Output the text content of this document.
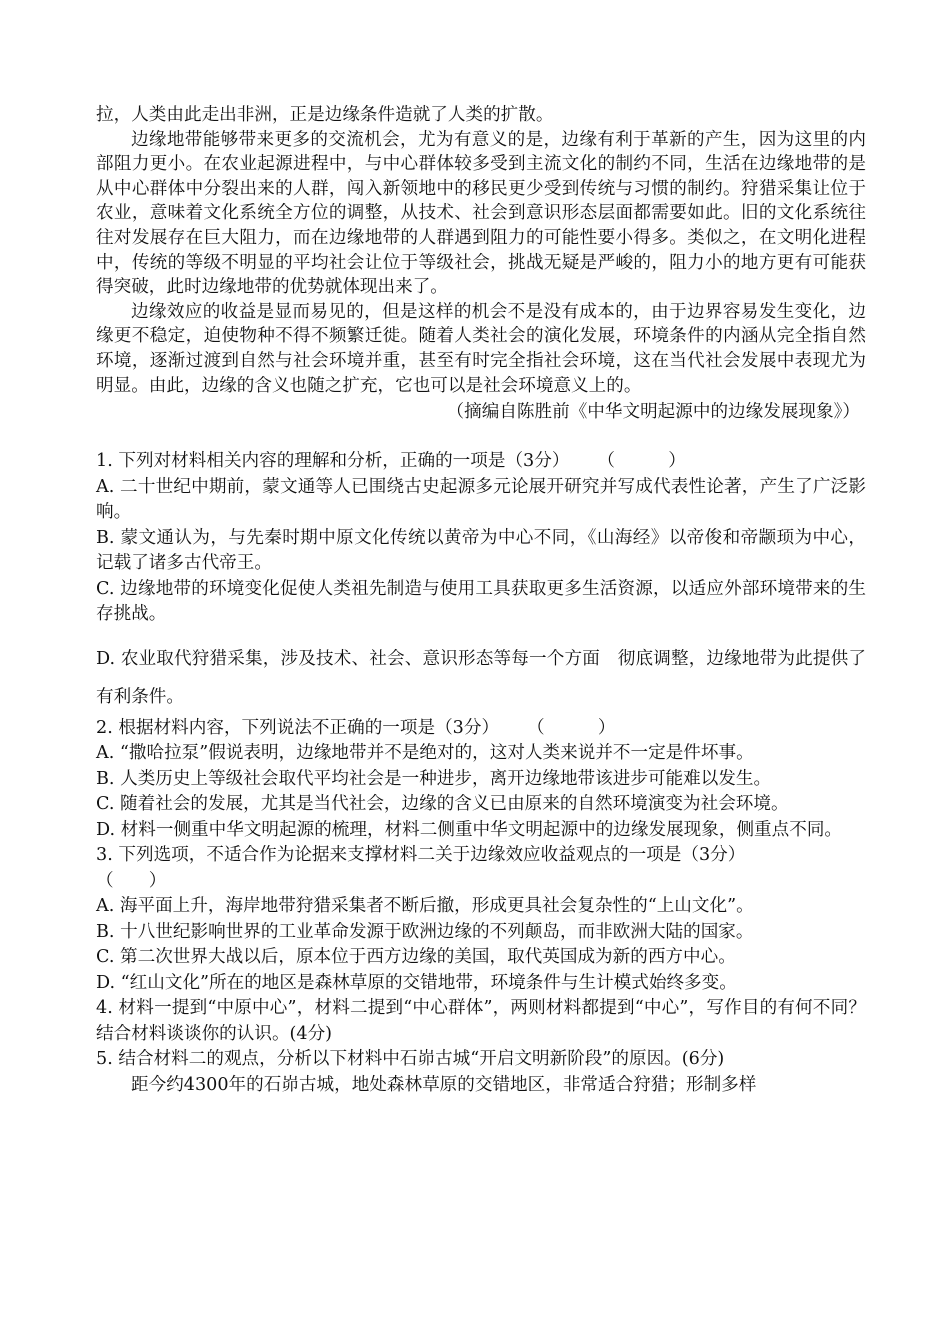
拉，人类由此走出非洲，正是边缘条件造就了人类的扩散。

边缘地带能够带来更多的交流机会，尤为有意义的是，边缘有利于革新的产生，因为这里的内部阻力更小。在农业起源进程中，与中心群体较多受到主流文化的制约不同，生活在边缘地带的是从中心群体中分裂出来的人群，闯入新领地中的移民更少受到传统与习惯的制约。狩猎采集让位于农业，意味着文化系统全方位的调整，从技术、社会到意识形态层面都需要如此。旧的文化系统往往对发展存在巨大阻力，而在边缘地带的人群遇到阻力的可能性要小得多。类似之，在文明化进程中，传统的等级不明显的平均社会让位于等级社会，挑战无疑是严峻的，阻力小的地方更有可能获得突破，此时边缘地带的优势就体现出来了。

边缘效应的收益是显而易见的，但是这样的机会不是没有成本的，由于边界容易发生变化，边缘更不稳定，迫使物种不得不频繁迁徙。随着人类社会的演化发展，环境条件的内涵从完全指自然环境，逐渐过渡到自然与社会环境并重，甚至有时完全指社会环境，这在当代社会发展中表现尤为明显。由此，边缘的含义也随之扩充，它也可以是社会环境意义上的。

（摘编自陈胜前《中华文明起源中的边缘发展现象》）

1. 下列对材料相关内容的理解和分析，正确的一项是（3分） （　　）

A. 二十世纪中期前，蒙文通等人已围绕古史起源多元论展开研究并写成代表性论著，产生了广泛影响。

B. 蒙文通认为，与先秦时期中原文化传统以黄帝为中心不同，《山海经》以帝俊和帝颛顼为中心，记载了诸多古代帝王。

C. 边缘地带的环境变化促使人类祖先制造与使用工具获取更多生活资源，以适应外部环境带来的生存挑战。

D. 农业取代狩猎采集，涉及技术、社会、意识形态等每一个方面　彻底调整，边缘地带为此提供了有利条件。

2. 根据材料内容，下列说法不正确的一项是（3分） （　　）

A. “撒哈拉泵”假说表明，边缘地带并不是绝对的，这对人类来说并不一定是件坏事。

B. 人类历史上等级社会取代平均社会是一种进步，离开边缘地带该进步可能难以发生。

C. 随着社会的发展，尤其是当代社会，边缘的含义已由原来的自然环境演变为社会环境。

D. 材料一侧重中华文明起源的梳理，材料二侧重中华文明起源中的边缘发展现象，侧重点不同。

3. 下列选项，不适合作为论据来支撑材料二关于边缘效应收益观点的一项是（3分）
（　　）

A. 海平面上升，海岸地带狩猎采集者不断后撤，形成更具社会复杂性的“上山文化”。

B. 十八世纪影响世界的工业革命发源于欧洲边缘的不列颠岛，而非欧洲大陆的国家。

C. 第二次世界大战以后，原本位于西方边缘的美国，取代英国成为新的西方中心。

D. “红山文化”所在的地区是森林草原的交错地带，环境条件与生计模式始终多变。

4. 材料一提到“中原中心”，材料二提到“中心群体”，两则材料都提到“中心”，写作目的有何不同？结合材料谈谈你的认识。(4分)

5. 结合材料二的观点，分析以下材料中石峁古城“开启文明新阶段”的原因。(6分)

距今约4300年的石峁古城，地处森林草原的交错地区，非常适合狩猎；形制多样
